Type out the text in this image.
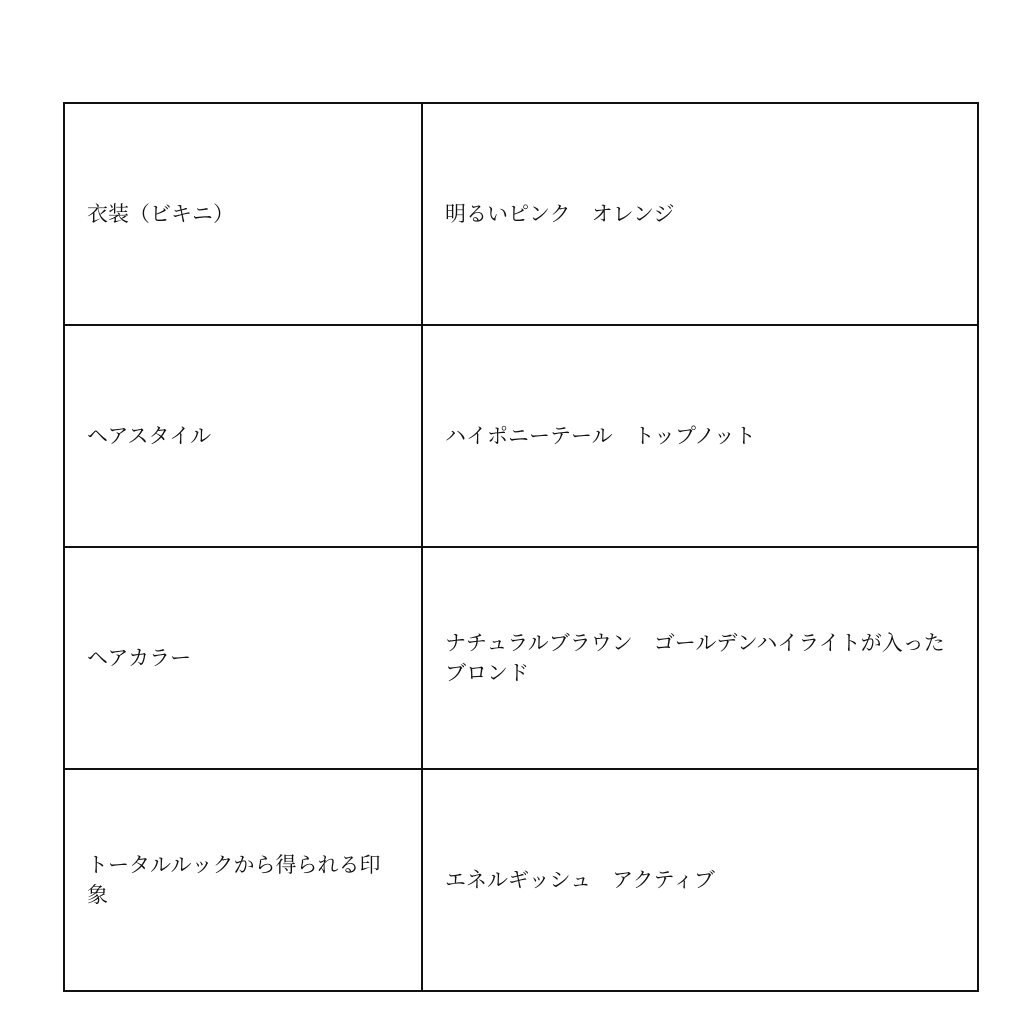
衣装（ビキニ）	明るいピンク　オレンジ
ヘアスタイル	ハイポニーテール　トップノット
ヘアカラー	ナチュラルブラウン　ゴールデンハイライトが入ったブロンド
トータルルックから得られる印象	エネルギッシュ　アクティブ
